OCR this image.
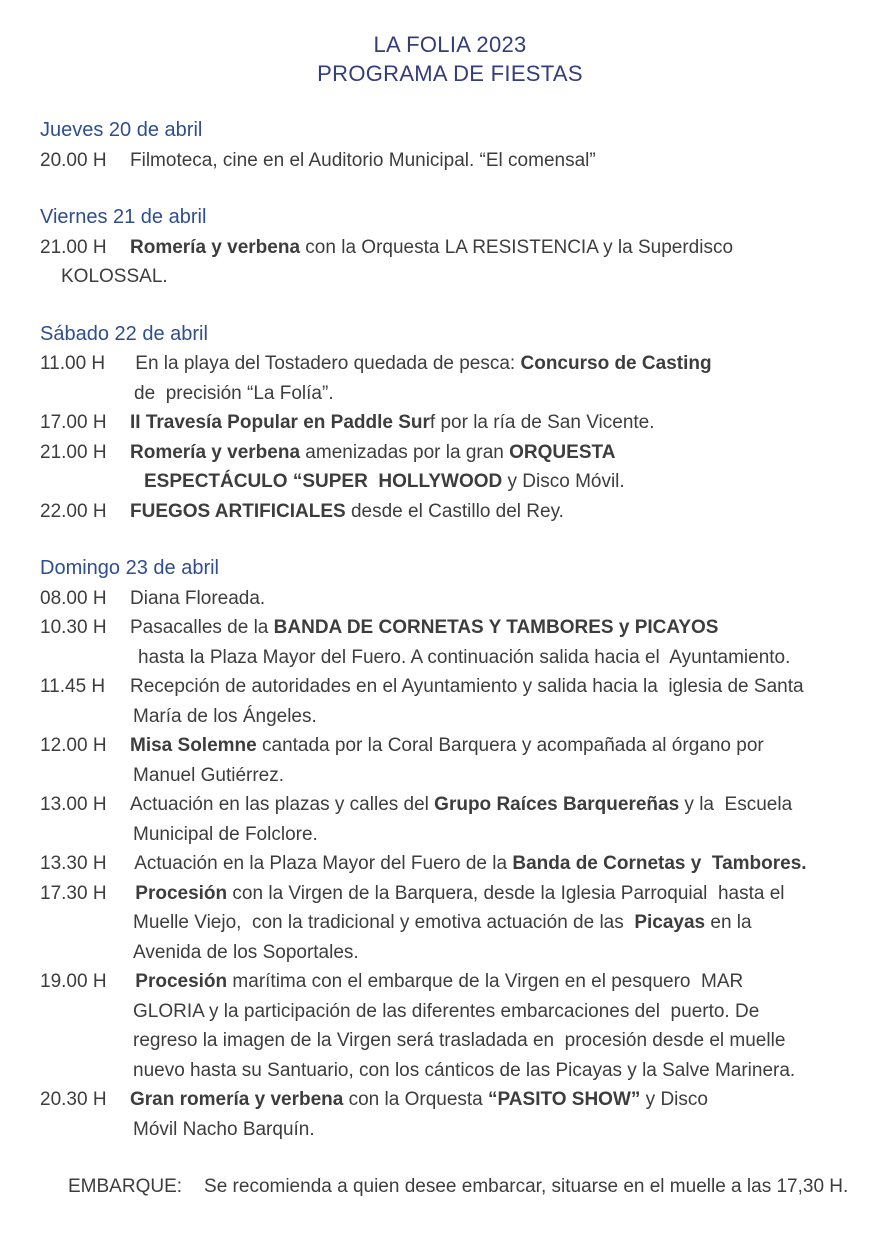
LA FOLIA 2023
PROGRAMA DE FIESTAS
Jueves 20 de abril
20.00 H	Filmoteca, cine en el Auditorio Municipal. “El comensal”
Viernes 21 de abril
21.00 H	Romería y verbena con la Orquesta LA RESISTENCIA y la Superdisco
KOLOSSAL.
Sábado 22 de abril
11.00 H	En la playa del Tostadero quedada de pesca: Concurso de Casting
de  precisión “La Folía”.
17.00 H	II Travesía Popular en Paddle Surf por la ría de San Vicente.
21.00 H	Romería y verbena amenizadas por la gran ORQUESTA
ESPECTÁCULO “SUPER  HOLLYWOOD y Disco Móvil.
22.00 H	FUEGOS ARTIFICIALES desde el Castillo del Rey.
Domingo 23 de abril
08.00 H	Diana Floreada.
10.30 H	Pasacalles de la BANDA DE CORNETAS Y TAMBORES y PICAYOS
hasta la Plaza Mayor del Fuero. A continuación salida hacia el  Ayuntamiento.
11.45 H	Recepción de autoridades en el Ayuntamiento y salida hacia la  iglesia de Santa
María de los Ángeles.
12.00 H	Misa Solemne cantada por la Coral Barquera y acompañada al órgano por
Manuel Gutiérrez.
13.00 H	Actuación en las plazas y calles del Grupo Raíces Barquereñas y la  Escuela
Municipal de Folclore.
13.30 H	Actuación en la Plaza Mayor del Fuero de la Banda de Cornetas y  Tambores.
17.30 H	Procesión con la Virgen de la Barquera, desde la Iglesia Parroquial  hasta el
Muelle Viejo,  con la tradicional y emotiva actuación de las  Picayas en la
Avenida de los Soportales.
19.00 H	Procesión marítima con el embarque de la Virgen en el pesquero  MAR
GLORIA y la participación de las diferentes embarcaciones del  puerto. De
regreso la imagen de la Virgen será trasladada en  procesión desde el muelle
nuevo hasta su Santuario, con los cánticos de las Picayas y la Salve Marinera.
20.30 H	Gran romería y verbena con la Orquesta “PASITO SHOW” y Disco
Móvil Nacho Barquín.
EMBARQUE: Se recomienda a quien desee embarcar, situarse en el muelle a las 17,30 H.
